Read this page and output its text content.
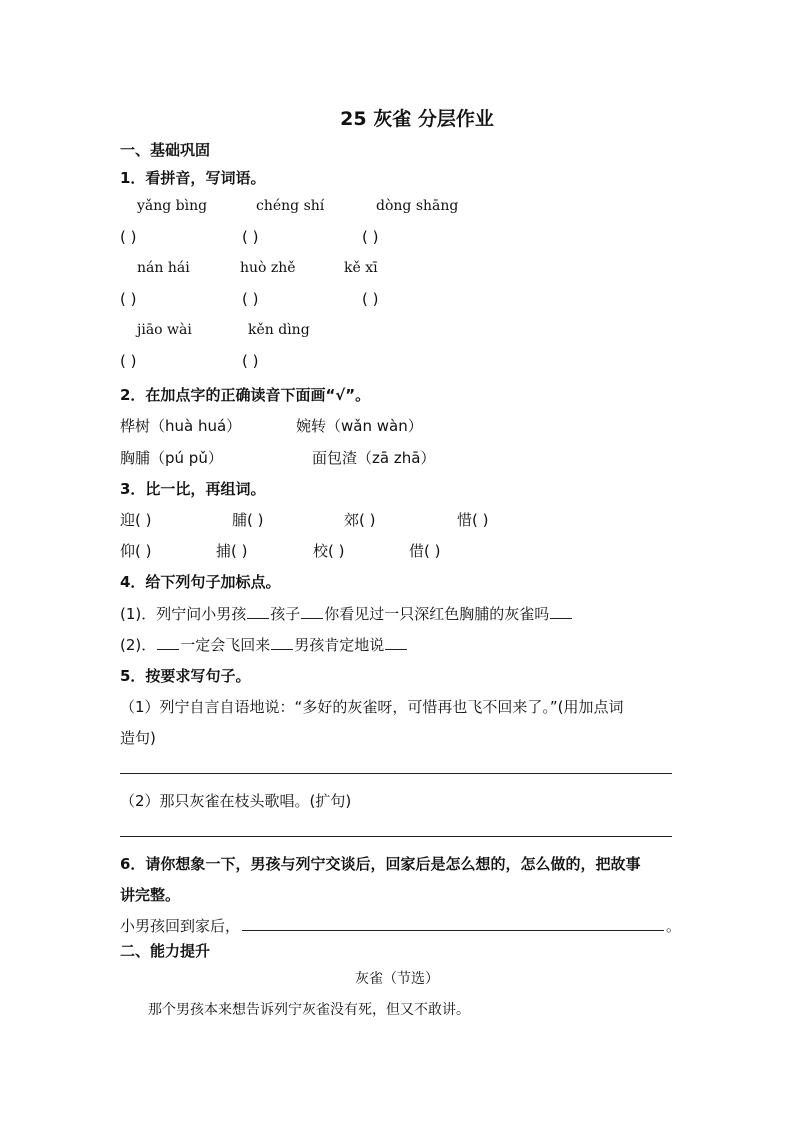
25 灰雀 分层作业
一、基础巩固
1．看拼音，写词语。
yǎng bìng	chéng shí	dòng shāng
( )	( )	( )
nán hái	huò zhě	kě xī
( )	( )	( )
jiāo wài	kěn dìng
( )	( )
2．在加点字的正确读音下面画“√”。
桦树（huà huá）	婉转（wǎn wàn）
胸脯（pú pǔ）	面包渣（zā zhā）
3．比一比，再组词。
迎( )	脯( )	郊( )	惜( )
仰( )	捕( )	校( )	借( )
4．给下列句子加标点。
(1)．列宁问小男孩 孩子 你看见过一只深红色胸脯的灰雀吗
(2)． 一定会飞回来 男孩肯定地说
5．按要求写句子。
（1）列宁自言自语地说：“多好的灰雀呀，可惜再也飞不回来了。”(用加点词
造句)
（2）那只灰雀在枝头歌唱。(扩句)
6．请你想象一下，男孩与列宁交谈后，回家后是怎么想的，怎么做的，把故事
讲完整。
小男孩回到家后，	。
二、能力提升
灰雀（节选）
那个男孩本来想告诉列宁灰雀没有死，但又不敢讲。
